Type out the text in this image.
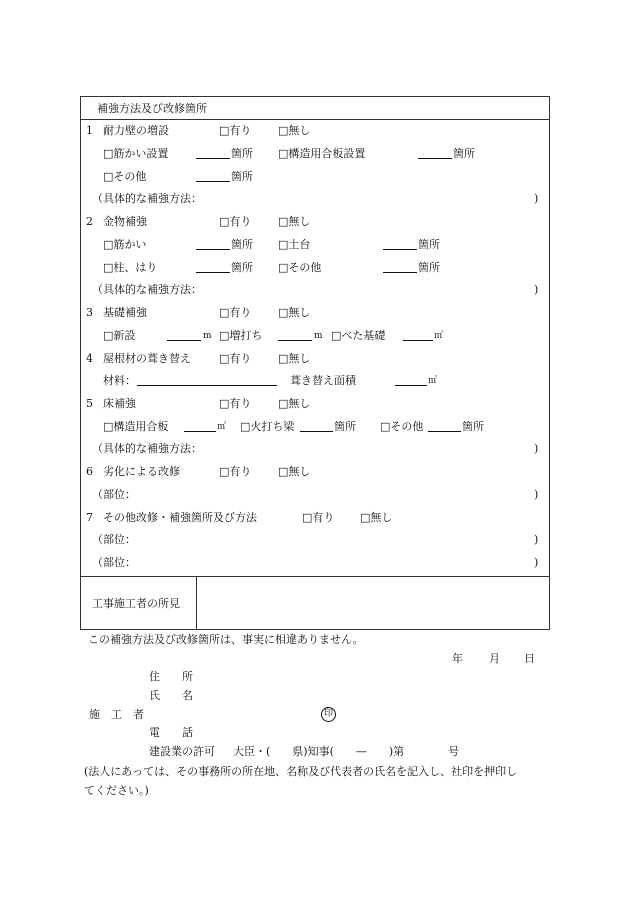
補強方法及び改修箇所
1 耐力壁の増設	□有り □無し
□筋かい設置	箇所 □構造用合板設置	箇所
□その他	箇所
（具体的な補強方法：	)
2 金物補強	□有り □無し
□筋かい	箇所 □土台	箇所
□柱、はり	箇所 □その他	箇所
（具体的な補強方法：	)
3 基礎補強	□有り □無し
□新設	m □増打ち	m □べた基礎	㎡
4 屋根材の葺き替え	□有り □無し
材料：	葺き替え面積	㎡
5 床補強	□有り □無し
□構造用合板	㎡ □火打ち梁	箇所 □その他	箇所
（具体的な補強方法：	)
6 劣化による改修	□有り □無し
（部位：	)
7 その他改修・補強箇所及び方法	□有り □無し
（部位：	)
（部位：	)
工事施工者の所見
この補強方法及び改修箇所は、事実に相違ありません。
年 月 日
住　　所
氏　　名
施　工　者	印
電　　話
建設業の許可 大臣・(　　県)知事(　　—　　)第　　　　号
(法人にあっては、その事務所の所在地、名称及び代表者の氏名を記入し、社印を押印し
てください。)
